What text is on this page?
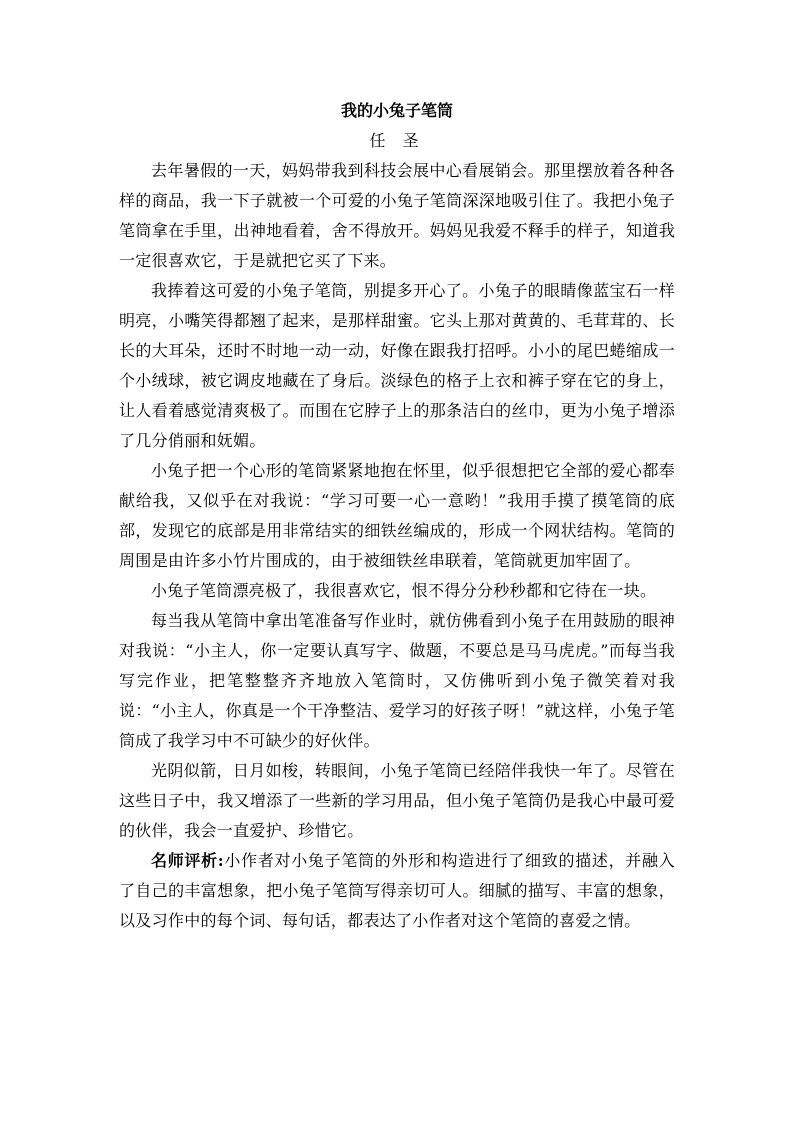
我的小兔子笔筒

任 圣

去年暑假的一天，妈妈带我到科技会展中心看展销会。那里摆放着各种各样的商品，我一下子就被一个可爱的小兔子笔筒深深地吸引住了。我把小兔子笔筒拿在手里，出神地看着，舍不得放开。妈妈见我爱不释手的样子，知道我一定很喜欢它，于是就把它买了下来。

我捧着这可爱的小兔子笔筒，别提多开心了。小兔子的眼睛像蓝宝石一样明亮，小嘴笑得都翘了起来，是那样甜蜜。它头上那对黄黄的、毛茸茸的、长长的大耳朵，还时不时地一动一动，好像在跟我打招呼。小小的尾巴蜷缩成一个小绒球，被它调皮地藏在了身后。淡绿色的格子上衣和裤子穿在它的身上，让人看着感觉清爽极了。而围在它脖子上的那条洁白的丝巾，更为小兔子增添了几分俏丽和妩媚。

小兔子把一个心形的笔筒紧紧地抱在怀里，似乎很想把它全部的爱心都奉献给我，又似乎在对我说：“学习可要一心一意哟！”我用手摸了摸笔筒的底部，发现它的底部是用非常结实的细铁丝编成的，形成一个网状结构。笔筒的周围是由许多小竹片围成的，由于被细铁丝串联着，笔筒就更加牢固了。

小兔子笔筒漂亮极了，我很喜欢它，恨不得分分秒秒都和它待在一块。

每当我从笔筒中拿出笔准备写作业时，就仿佛看到小兔子在用鼓励的眼神对我说：“小主人，你一定要认真写字、做题，不要总是马马虎虎。”而每当我写完作业，把笔整整齐齐地放入笔筒时，又仿佛听到小兔子微笑着对我说：“小主人，你真是一个干净整洁、爱学习的好孩子呀！”就这样，小兔子笔筒成了我学习中不可缺少的好伙伴。

光阴似箭，日月如梭，转眼间，小兔子笔筒已经陪伴我快一年了。尽管在这些日子中，我又增添了一些新的学习用品，但小兔子笔筒仍是我心中最可爱的伙伴，我会一直爱护、珍惜它。

名师评析:小作者对小兔子笔筒的外形和构造进行了细致的描述，并融入了自己的丰富想象，把小兔子笔筒写得亲切可人。细腻的描写、丰富的想象，以及习作中的每个词、每句话，都表达了小作者对这个笔筒的喜爱之情。
